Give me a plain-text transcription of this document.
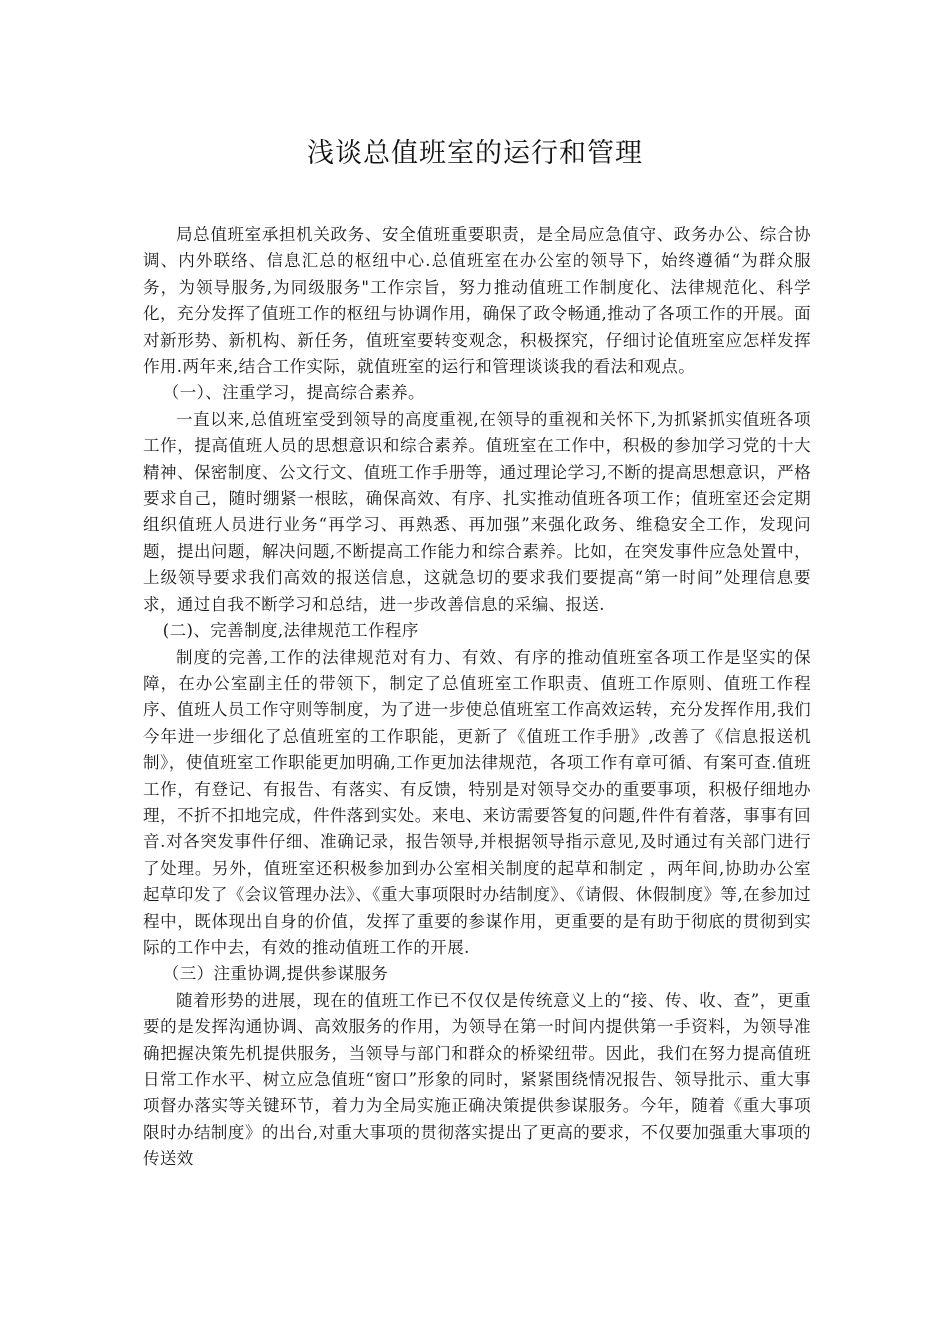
浅谈总值班室的运行和管理

局总值班室承担机关政务、安全值班重要职责，是全局应急值守、政务办公、综合协调、内外联络、信息汇总的枢纽中心.总值班室在办公室的领导下，始终遵循“为群众服务，为领导服务,为同级服务"工作宗旨，努力推动值班工作制度化、法律规范化、科学化，充分发挥了值班工作的枢纽与协调作用，确保了政令畅通,推动了各项工作的开展。面对新形势、新机构、新任务，值班室要转变观念，积极探究，仔细讨论值班室应怎样发挥作用.两年来,结合工作实际，就值班室的运行和管理谈谈我的看法和观点。

（一）、注重学习，提高综合素养。

一直以来,总值班室受到领导的高度重视,在领导的重视和关怀下,为抓紧抓实值班各项工作，提高值班人员的思想意识和综合素养。值班室在工作中，积极的参加学习党的十大精神、保密制度、公文行文、值班工作手册等，通过理论学习,不断的提高思想意识，严格要求自己，随时绷紧一根眩，确保高效、有序、扎实推动值班各项工作；值班室还会定期组织值班人员进行业务“再学习、再熟悉、再加强”来强化政务、维稳安全工作，发现问题，提出问题，解决问题,不断提高工作能力和综合素养。比如，在突发事件应急处置中，上级领导要求我们高效的报送信息，这就急切的要求我们要提高“第一时间”处理信息要求，通过自我不断学习和总结，进一步改善信息的采编、报送.

(二)、完善制度,法律规范工作程序

制度的完善,工作的法律规范对有力、有效、有序的推动值班室各项工作是坚实的保障，在办公室副主任的带领下，制定了总值班室工作职责、值班工作原则、值班工作程序、值班人员工作守则等制度，为了进一步使总值班室工作高效运转，充分发挥作用,我们今年进一步细化了总值班室的工作职能，更新了《值班工作手册》,改善了《信息报送机制》，使值班室工作职能更加明确,工作更加法律规范，各项工作有章可循、有案可查.值班工作，有登记、有报告、有落实、有反馈，特别是对领导交办的重要事项，积极仔细地办理，不折不扣地完成，件件落到实处。来电、来访需要答复的问题,件件有着落，事事有回音.对各突发事件仔细、准确记录，报告领导,并根据领导指示意见,及时通过有关部门进行了处理。另外，值班室还积极参加到办公室相关制度的起草和制定 ，两年间,协助办公室起草印发了《会议管理办法》、《重大事项限时办结制度》、《请假、休假制度》等,在参加过程中，既体现出自身的价值，发挥了重要的参谋作用，更重要的是有助于彻底的贯彻到实际的工作中去，有效的推动值班工作的开展.

（三）注重协调,提供参谋服务

随着形势的进展，现在的值班工作已不仅仅是传统意义上的“接、传、收、查”，更重要的是发挥沟通协调、高效服务的作用，为领导在第一时间内提供第一手资料，为领导准确把握决策先机提供服务，当领导与部门和群众的桥梁纽带。因此，我们在努力提高值班日常工作水平、树立应急值班“窗口”形象的同时，紧紧围绕情况报告、领导批示、重大事项督办落实等关键环节，着力为全局实施正确决策提供参谋服务。今年，随着《重大事项限时办结制度》的出台,对重大事项的贯彻落实提出了更高的要求，不仅要加强重大事项的传送效
